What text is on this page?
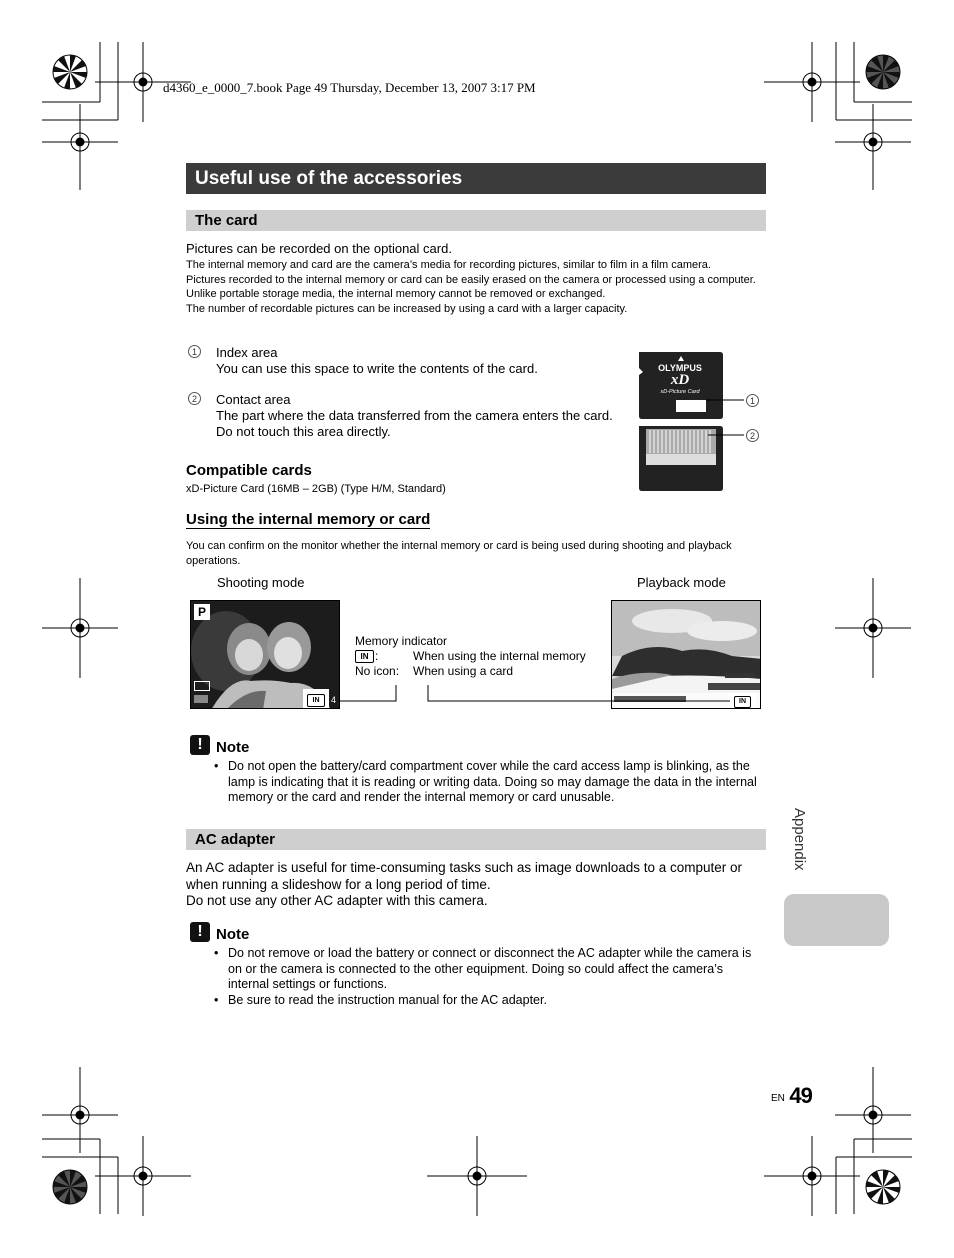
d4360_e_0000_7.book Page 49 Thursday, December 13, 2007 3:17 PM
Useful use of the accessories
The card
Pictures can be recorded on the optional card.
The internal memory and card are the camera’s media for recording pictures, similar to film in a film camera.
Pictures recorded to the internal memory or card can be easily erased on the camera or processed using a computer.
Unlike portable storage media, the internal memory cannot be removed or exchanged.
The number of recordable pictures can be increased by using a card with a larger capacity.
1	Index area
You can use this space to write the contents of the card.
2	Contact area
The part where the data transferred from the camera enters the card.
Do not touch this area directly.
OLYMPUS
xD
xD-Picture Card
1
2
Compatible cards
xD-Picture Card (16MB – 2GB) (Type H/M, Standard)
Using the internal memory or card
You can confirm on the monitor whether the internal memory or card is being used during shooting and playback operations.
Shooting mode	Playback mode
P
IN	4	IN
Memory indicator
IN :	When using the internal memory
No icon: When using a card
! Note
• Do not open the battery/card compartment cover while the card access lamp is blinking, as the lamp is indicating that it is reading or writing data. Doing so may damage the data in the internal memory or the card and render the internal memory or card unusable.
AC adapter
An AC adapter is useful for time-consuming tasks such as image downloads to a computer or when running a slideshow for a long period of time.
Do not use any other AC adapter with this camera.
! Note
• Do not remove or load the battery or connect or disconnect the AC adapter while the camera is on or the camera is connected to the other equipment. Doing so could affect the camera’s internal settings or functions.
• Be sure to read the instruction manual for the AC adapter.
Appendix
EN 49
